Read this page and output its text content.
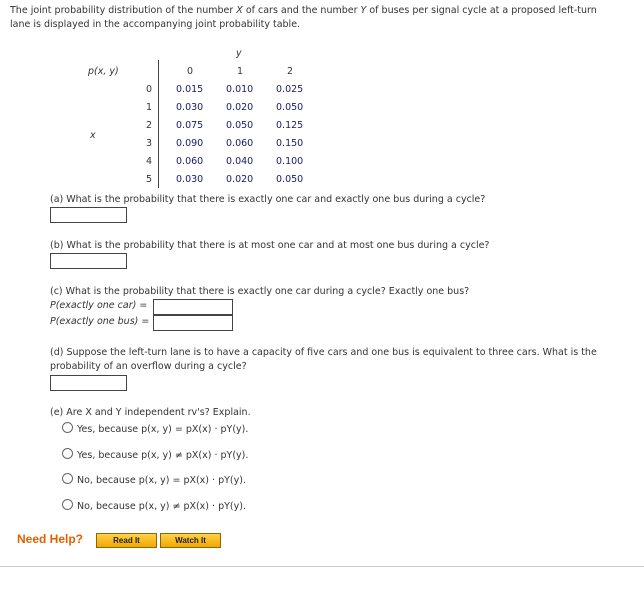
The joint probability distribution of the number X of cars and the number Y of buses per signal cycle at a proposed left-turn
lane is displayed in the accompanying joint probability table.
y
p(x, y)
x
0	1	2
0	0.015 0.010 0.025
1	0.030 0.020 0.050
2	0.075 0.050 0.125
3	0.090 0.060 0.150
4	0.060 0.040 0.100
5	0.030 0.020 0.050
(a) What is the probability that there is exactly one car and exactly one bus during a cycle?
(b) What is the probability that there is at most one car and at most one bus during a cycle?
(c) What is the probability that there is exactly one car during a cycle? Exactly one bus?
P(exactly one car) =
P(exactly one bus) =
(d) Suppose the left-turn lane is to have a capacity of five cars and one bus is equivalent to three cars. What is the
probability of an overflow during a cycle?
(e) Are X and Y independent rv's? Explain.
Yes, because p(x, y) = pX(x) · pY(y).
Yes, because p(x, y) ≠ pX(x) · pY(y).
No, because p(x, y) = pX(x) · pY(y).
No, because p(x, y) ≠ pX(x) · pY(y).
Need Help?	Read It	Watch It
